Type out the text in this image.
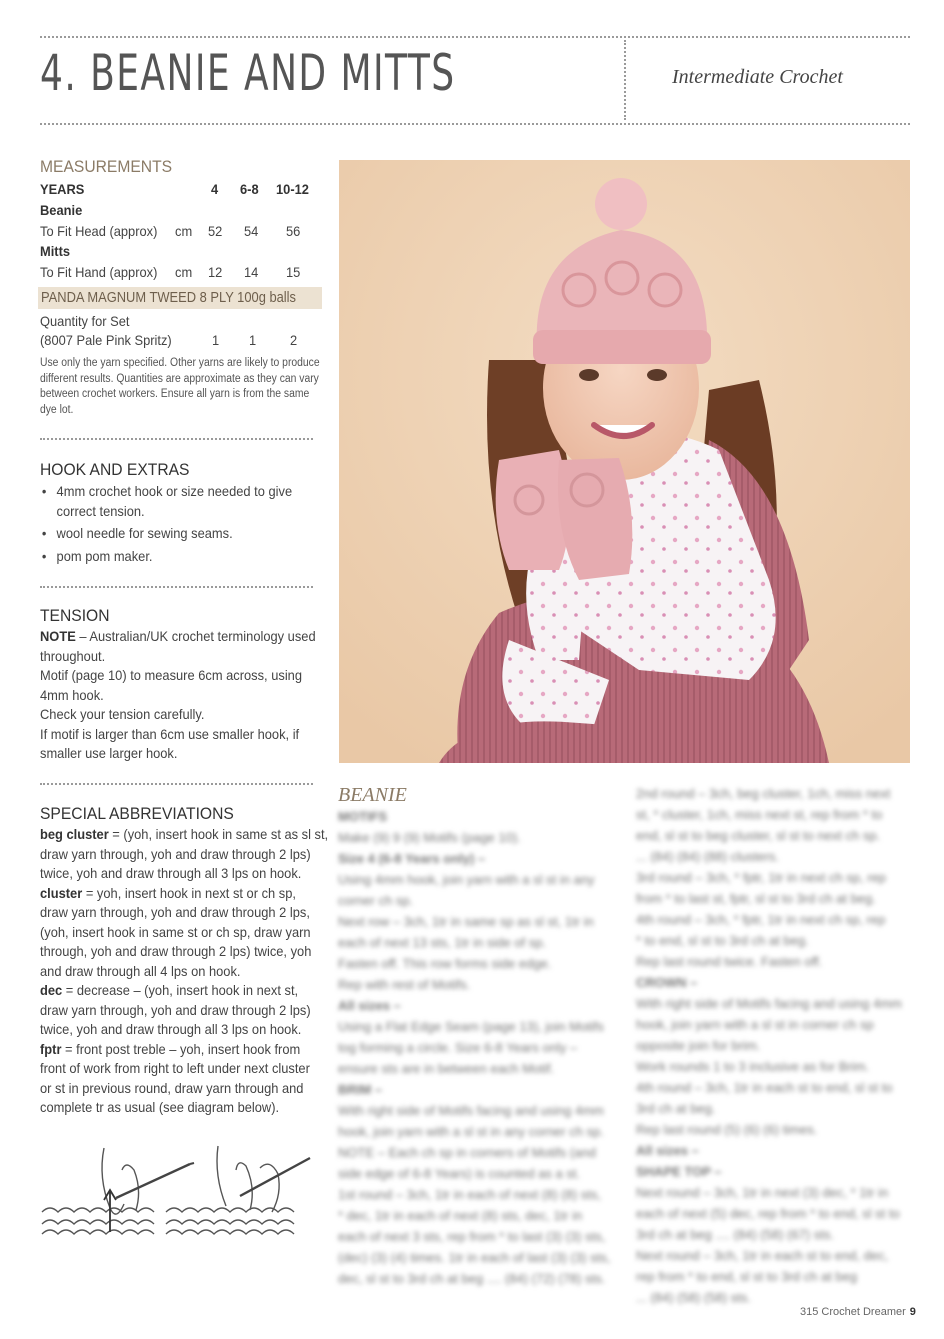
4. BEANIE AND MITTS	Intermediate Crochet
MEASUREMENTS
YEARS	4 6-8 10-12
Beanie
To Fit Head (approx) cm 52 54 56
Mitts
To Fit Hand (approx) cm 12 14 15
PANDA MAGNUM TWEED 8 PLY 100g balls
Quantity for Set
(8007 Pale Pink Spritz)	1 1 2
Use only the yarn specified. Other yarns are likely to produce
different results. Quantities are approximate as they can vary
between crochet workers. Ensure all yarn is from the same
dye lot.
HOOK AND EXTRAS
• 4mm crochet hook or size needed to give
correct tension.
• wool needle for sewing seams.
• pom pom maker.
TENSION
NOTE – Australian/UK crochet terminology used
throughout.
Motif (page 10) to measure 6cm across, using
4mm hook.
Check your tension carefully.
If motif is larger than 6cm use smaller hook, if
smaller use larger hook.
SPECIAL ABBREVIATIONS
beg cluster = (yoh, insert hook in same st as sl st,
draw yarn through, yoh and draw through 2 lps)
twice, yoh and draw through all 3 lps on hook.
cluster = yoh, insert hook in next st or ch sp,
draw yarn through, yoh and draw through 2 lps,
(yoh, insert hook in same st or ch sp, draw yarn
through, yoh and draw through 2 lps) twice, yoh
and draw through all 4 lps on hook.
dec = decrease – (yoh, insert hook in next st,
draw yarn through, yoh and draw through 2 lps)
twice, yoh and draw through all 3 lps on hook.
fptr = front post treble – yoh, insert hook from
front of work from right to left under next cluster
or st in previous round, draw yarn through and
complete tr as usual (see diagram below).
BEANIE
MOTIFS
Make (9) 9 (9) Motifs (page 10).
Size 4 (6-8 Years only) –
Using 4mm hook, join yarn with a sl st in any
corner ch sp.
Next row – 3ch, 1tr in same sp as sl st, 1tr in
each of next 13 sts, 1tr in side of sp.
Fasten off. This row forms side edge.
Rep with rest of Motifs.
All sizes –
Using a Flat Edge Seam (page 13), join Motifs
tog forming a circle. Size 6-8 Years only –
ensure sts are in between each Motif.
BRIM –
With right side of Motifs facing and using 4mm
hook, join yarn with a sl st in any corner ch sp.
NOTE – Each ch sp in corners of Motifs (and
side edge of 6-8 Years) is counted as a st.
1st round – 3ch, 1tr in each of next (8) (8) sts,
* dec, 1tr in each of next (8) sts, dec, 1tr in
each of next 3 sts, rep from * to last (3) (3) sts,
(dec) (3) (4) times. 1tr in each of last (3) (3) sts,
dec, sl st to 3rd ch at beg .... (84) (72) (78) sts.
2nd round – 3ch, beg cluster, 1ch, miss next
st, * cluster, 1ch, miss next st, rep from * to
end, sl st to beg cluster, sl st to next ch sp.
... (84) (84) (88) clusters.
3rd round – 3ch, * fptr, 1tr in next ch sp, rep
from * to last st, fptr, sl st to 3rd ch at beg.
4th round – 3ch, * fptr, 1tr in next ch sp, rep
* to end, sl st to 3rd ch at beg.
Rep last round twice. Fasten off.
CROWN –
With right side of Motifs facing and using 4mm
hook, join yarn with a sl st in corner ch sp
opposite join for brim.
Work rounds 1 to 3 inclusive as for Brim.
4th round – 3ch, 1tr in each st to end, sl st to
3rd ch at beg.
Rep last round (5) (6) (6) times.
All sizes –
SHAPE TOP –
Next round – 3ch, 1tr in next (3) dec, * 1tr in
each of next (5) dec, rep from * to end, sl st to
3rd ch at beg .... (84) (58) (67) sts.
Next round – 3ch, 1tr in each st to end, dec,
rep from * to end, sl st to 3rd ch at beg
... (84) (58) (58) sts.
315 Crochet Dreamer 9
